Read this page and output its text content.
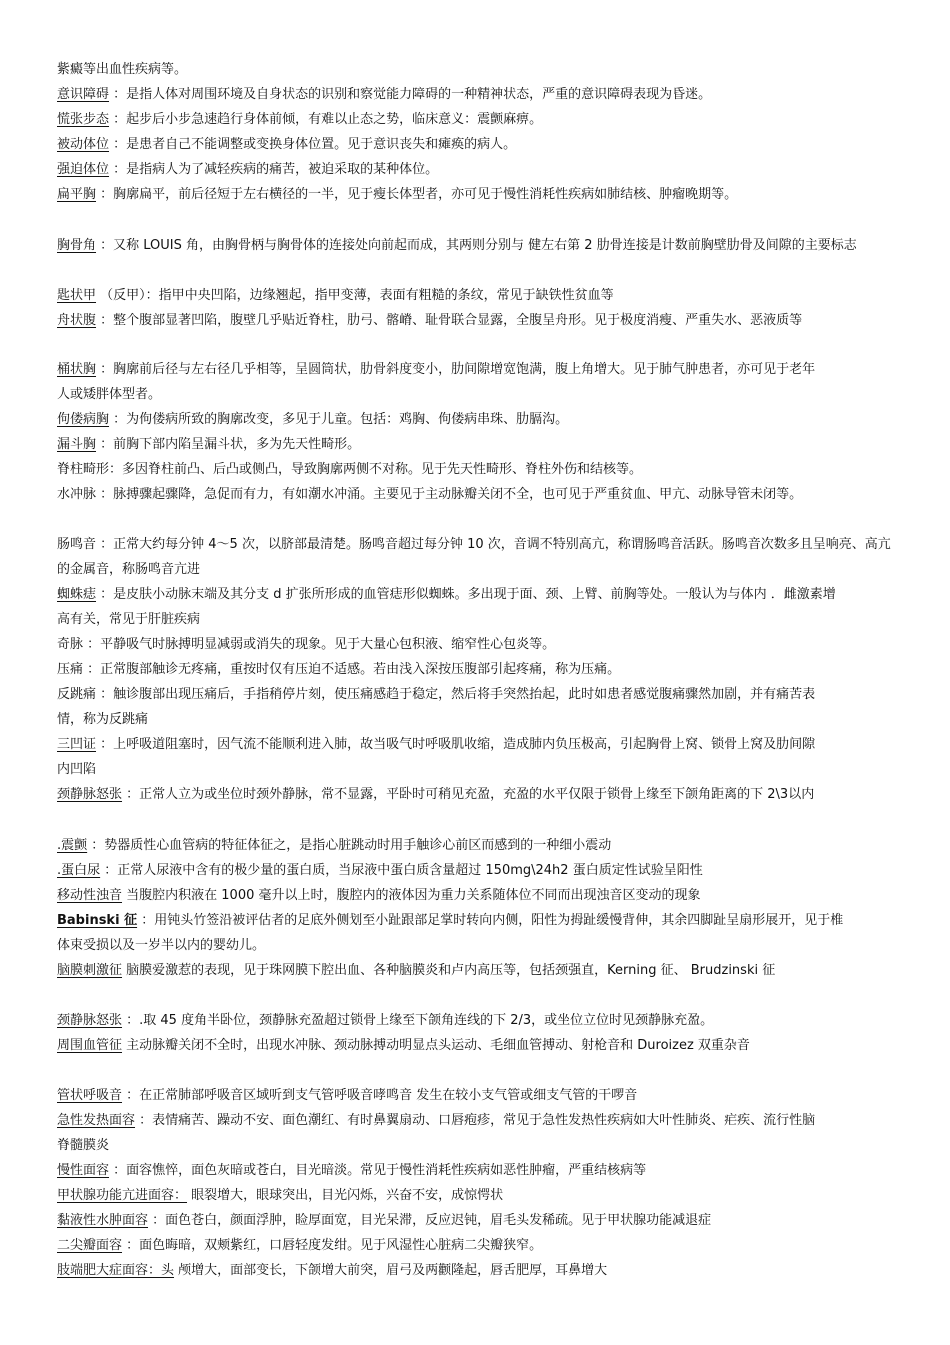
紫癜等出血性疾病等。
意识障碍 ：是指人体对周围环境及自身状态的识别和察觉能力障碍的一种精神状态，严重的意识障碍表现为昏迷。
慌张步态 ：起步后小步急速趋行身体前倾，有难以止态之势，临床意义：震颤麻痹。
被动体位 ：是患者自己不能调整或变换身体位置。见于意识丧失和瘫痪的病人。
强迫体位 ：是指病人为了减轻疾病的痛苦，被迫采取的某种体位。
扁平胸 ：胸廓扁平，前后径短于左右横径的一半，见于瘦长体型者，亦可见于慢性消耗性疾病如肺结核、肿瘤晚期等。
胸骨角 ：又称 LOUIS 角，由胸骨柄与胸骨体的连接处向前起而成，其两则分别与 健左右第 2 肋骨连接是计数前胸壁肋骨及间隙的主要标志
匙状甲 （反甲）：指甲中央凹陷，边缘翘起，指甲变薄，表面有粗糙的条纹，常见于缺铁性贫血等
舟状腹 ：整个腹部显著凹陷，腹壁几乎贴近脊柱，肋弓、髂嵴、耻骨联合显露，全腹呈舟形。见于极度消瘦、严重失水、恶液质等
桶状胸 ：胸廓前后径与左右径几乎相等，呈圆筒状，肋骨斜度变小，肋间隙增宽饱满，腹上角增大。见于肺气肿患者，亦可见于老年人或矮胖体型者。
佝偻病胸 ：为佝偻病所致的胸廓改变，多见于儿童。包括：鸡胸、佝偻病串珠、肋膈沟。
漏斗胸 ：前胸下部内陷呈漏斗状，多为先天性畸形。
脊柱畸形：多因脊柱前凸、后凸或侧凸，导致胸廓两侧不对称。见于先天性畸形、脊柱外伤和结核等。
水冲脉 ：脉搏骤起骤降，急促而有力，有如潮水冲涌。主要见于主动脉瓣关闭不全，也可见于严重贫血、甲亢、动脉导管未闭等。
肠鸣音 ：正常大约每分钟 4～5 次，以脐部最清楚。肠鸣音超过每分钟 10 次，音调不特别高亢，称谓肠鸣音活跃。肠鸣音次数多且呈响亮、高亢的金属音，称肠鸣音亢进
蜘蛛痣 ：是皮肤小动脉末端及其分支 d 扩张所形成的血管痣形似蜘蛛。多出现于面、颈、上臂、前胸等处。一般认为与体内 ．雌激素增高有关，常见于肝脏疾病
奇脉 ：平静吸气时脉搏明显减弱或消失的现象。见于大量心包积液、缩窄性心包炎等。
压痛 ：正常腹部触诊无疼痛，重按时仅有压迫不适感。若由浅入深按压腹部引起疼痛，称为压痛。
反跳痛 ：触诊腹部出现压痛后，手指稍停片刻，使压痛感趋于稳定，然后将手突然抬起，此时如患者感觉腹痛骤然加剧，并有痛苦表情，称为反跳痛
三凹证 ：上呼吸道阻塞时，因气流不能顺利进入肺，故当吸气时呼吸肌收缩，造成肺内负压极高，引起胸骨上窝、锁骨上窝及肋间隙内凹陷
颈静脉怒张 ：正常人立为或坐位时颈外静脉，常不显露，平卧时可稍见充盈，充盈的水平仅限于锁骨上缘至下颌角距离的下 2\3以内
.震颤 ：势器质性心血管病的特征体征之，是指心脏跳动时用手触诊心前区而感到的一种细小震动
.蛋白尿 ：正常人尿液中含有的极少量的蛋白质，当尿液中蛋白质含量超过 150mg\24h2 蛋白质定性试验呈阳性
移动性浊音 当腹腔内积液在 1000 毫升以上时，腹腔内的液体因为重力关系随体位不同而出现浊音区变动的现象
Babinski 征 ：用钝头竹签沿被评估者的足底外侧划至小趾跟部足掌时转向内侧，阳性为拇趾缓慢背伸，其余四脚趾呈扇形展开，见于椎体束受损以及一岁半以内的婴幼儿。
脑膜刺激征 脑膜爱激惹的表现，见于珠网膜下腔出血、各种脑膜炎和卢内高压等，包括颈强直，Kerning 征、 Brudzinski 征
颈静脉怒张 ：.取 45 度角半卧位，颈静脉充盈超过锁骨上缘至下颌角连线的下 2/3，或坐位立位时见颈静脉充盈。
周围血管征 主动脉瓣关闭不全时，出现水冲脉、颈动脉搏动明显点头运动、毛细血管搏动、射枪音和 Duroizez 双重杂音
管状呼吸音 ：在正常肺部呼吸音区域听到支气管呼吸音哮鸣音 发生在较小支气管或细支气管的干啰音
急性发热面容 ：表情痛苦、躁动不安、面色潮红、有时鼻翼扇动、口唇疱疹，常见于急性发热性疾病如大叶性肺炎、疟疾、流行性脑脊髓膜炎
慢性面容 ：面容憔悴，面色灰暗或苍白，目光暗淡。常见于慢性消耗性疾病如恶性肿瘤，严重结核病等
甲状腺功能亢进面容： 眼裂增大，眼球突出，目光闪烁，兴奋不安，成惊愕状
黏液性水肿面容 ：面色苍白，颜面浮肿，睑厚面宽，目光呆滞，反应迟钝，眉毛头发稀疏。见于甲状腺功能减退症
二尖瓣面容 ：面色晦暗，双颊紫红，口唇轻度发绀。见于风湿性心脏病二尖瓣狭窄。
肢端肥大症面容：头 颅增大，面部变长，下颌增大前突，眉弓及两颧隆起，唇舌肥厚，耳鼻增大
